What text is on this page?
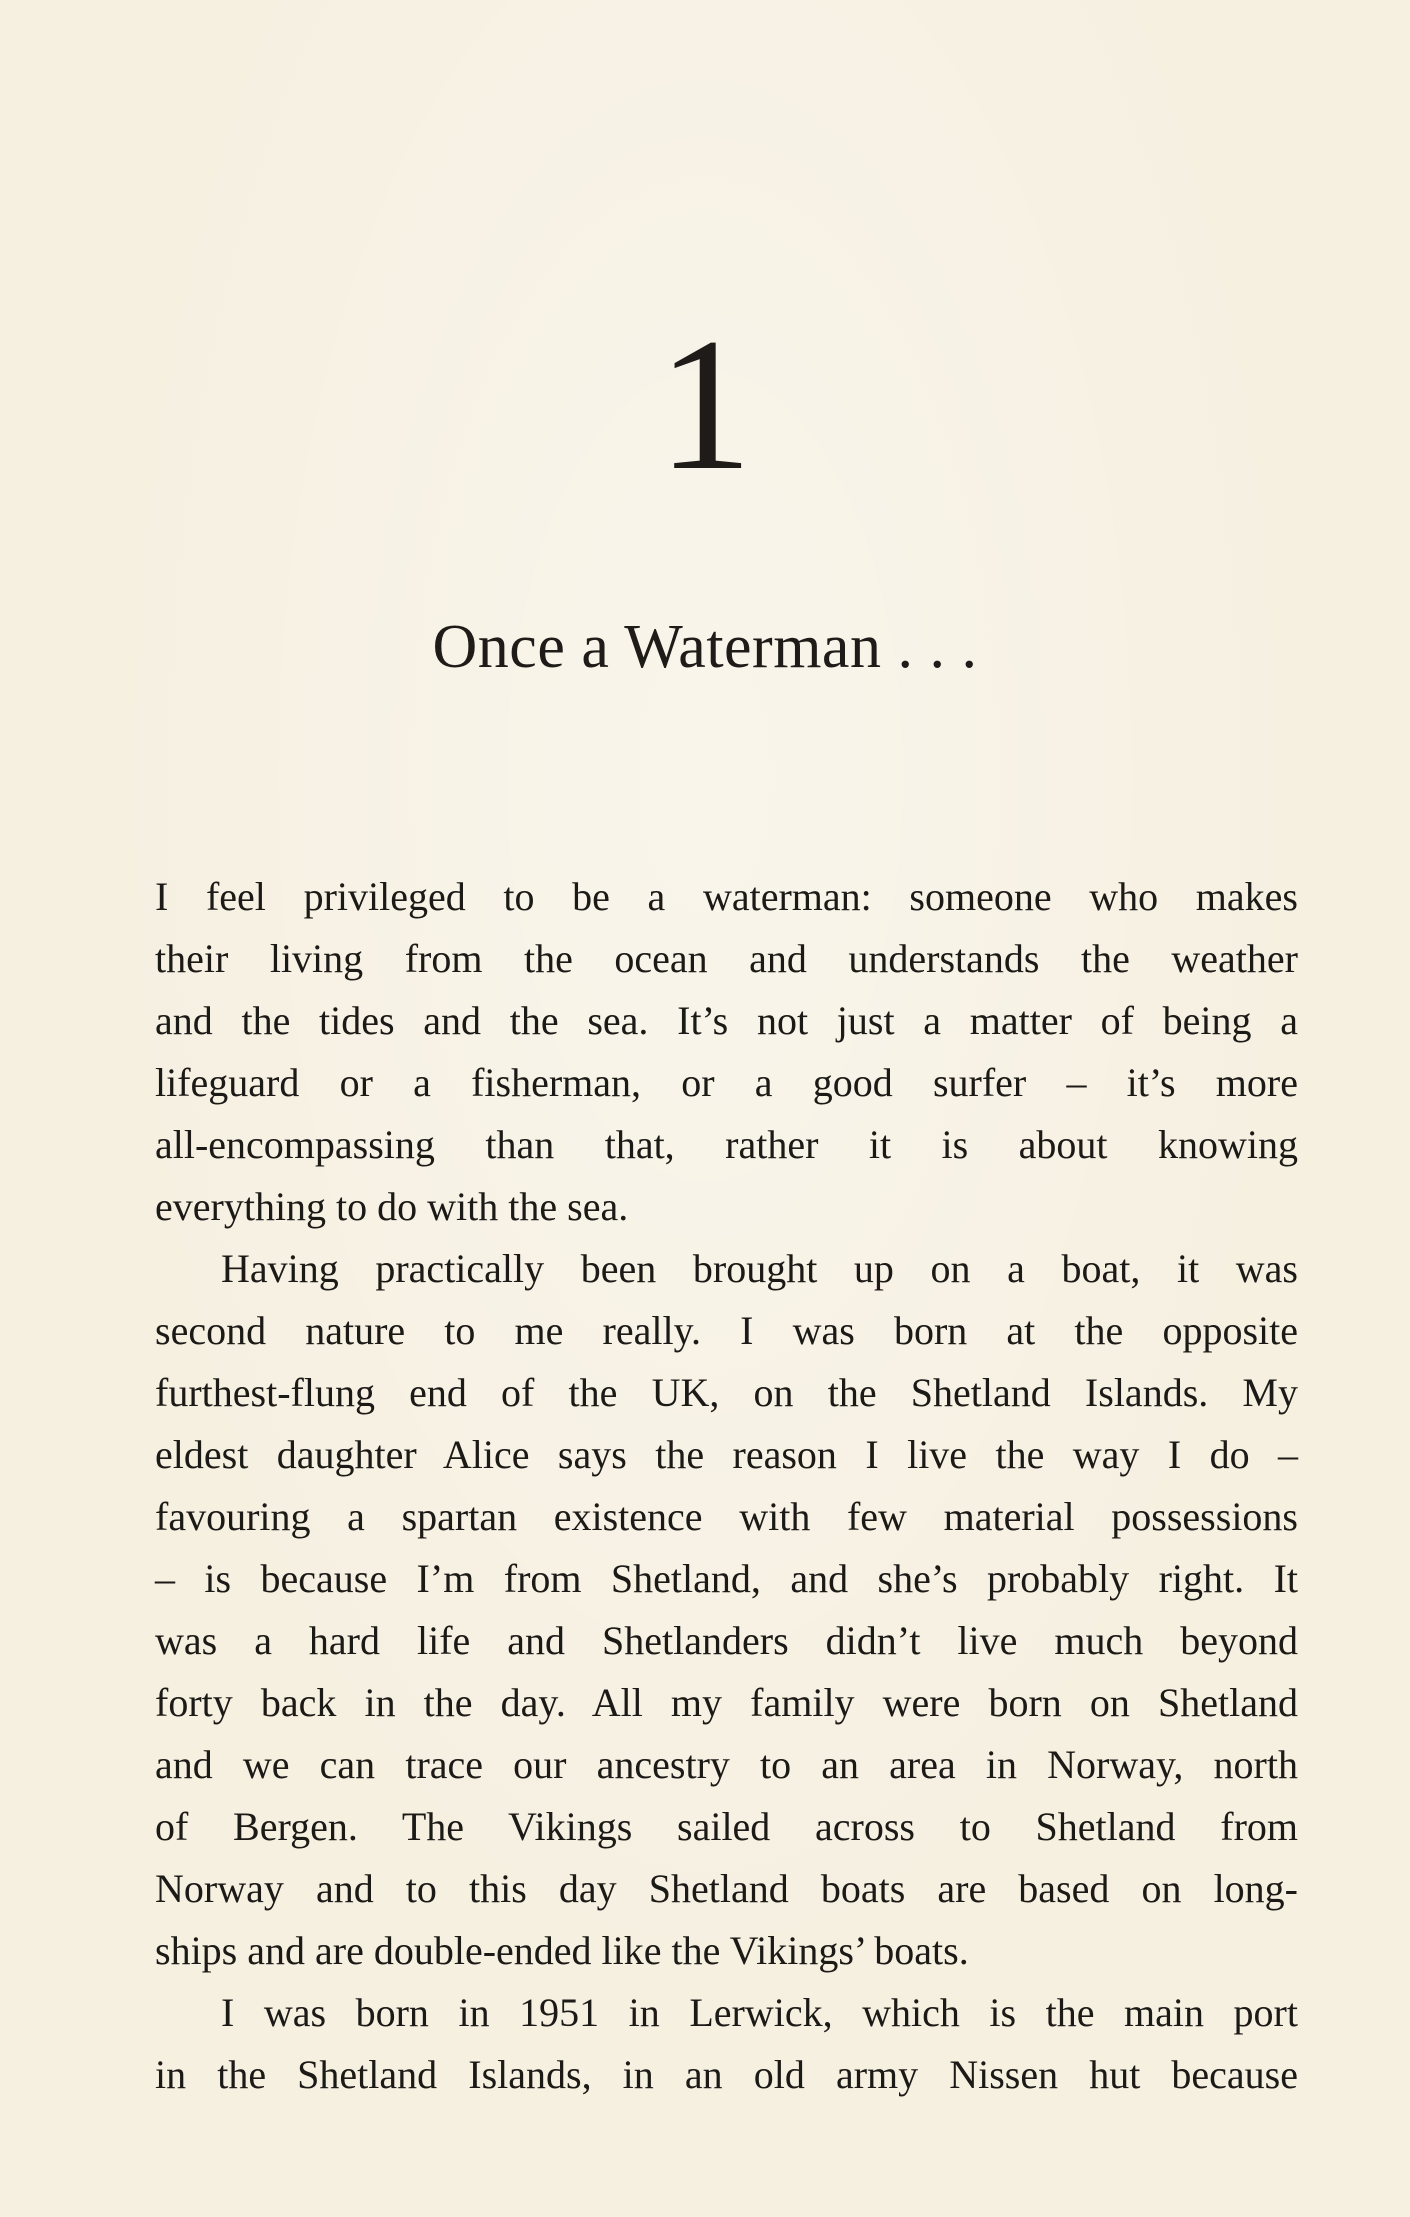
1
Once a Waterman . . .
I feel privileged to be a waterman: someone who makes
their living from the ocean and understands the weather
and the tides and the sea. It’s not just a matter of being a
lifeguard or a fisherman, or a good surfer – it’s more
all-encompassing than that, rather it is about knowing
everything to do with the sea.
Having practically been brought up on a boat, it was
second nature to me really. I was born at the opposite
furthest-flung end of the UK, on the Shetland Islands. My
eldest daughter Alice says the reason I live the way I do –
favouring a spartan existence with few material possessions
– is because I’m from Shetland, and she’s probably right. It
was a hard life and Shetlanders didn’t live much beyond
forty back in the day. All my family were born on Shetland
and we can trace our ancestry to an area in Norway, north
of Bergen. The Vikings sailed across to Shetland from
Norway and to this day Shetland boats are based on long-
ships and are double-ended like the Vikings’ boats.
I was born in 1951 in Lerwick, which is the main port
in the Shetland Islands, in an old army Nissen hut because
